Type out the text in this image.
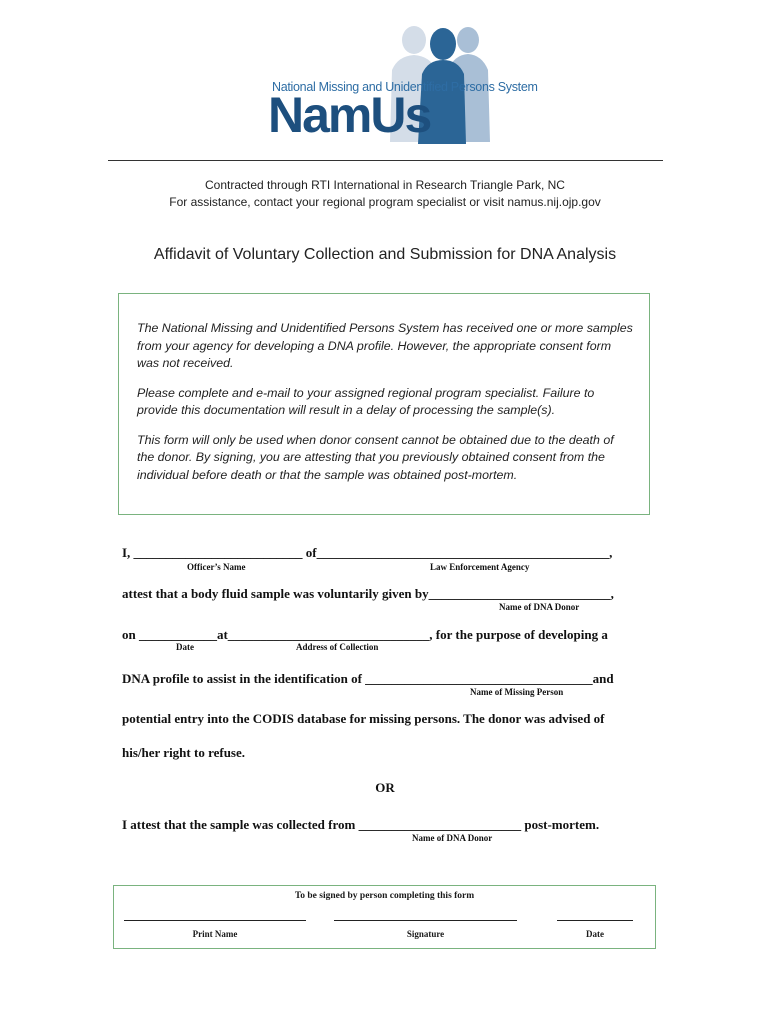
National Missing and Unidentified Persons System
NamUs
Contracted through RTI International in Research Triangle Park, NC
For assistance, contact your regional program specialist or visit namus.nij.ojp.gov
Affidavit of Voluntary Collection and Submission for DNA Analysis

The National Missing and Unidentified Persons System has received one or more samples from your agency for developing a DNA profile. However, the appropriate consent form was not received.

Please complete and e-mail to your assigned regional program specialist. Failure to provide this documentation will result in a delay of processing the sample(s).

This form will only be used when donor consent cannot be obtained due to the death of the donor. By signing, you are attesting that you previously obtained consent from the individual before death or that the sample was obtained post-mortem.

I, __________________________ of_____________________________________________,
Officer’s Name	Law Enforcement Agency
attest that a body fluid sample was voluntarily given by____________________________,
Name of DNA Donor
on ____________at_______________________________, for the purpose of developing a
Date	Address of Collection
DNA profile to assist in the identification of ___________________________________and
Name of Missing Person
potential entry into the CODIS database for missing persons. The donor was advised of
his/her right to refuse.
OR
I attest that the sample was collected from _________________________ post-mortem.
Name of DNA Donor
To be signed by person completing this form
Print Name	Signature	Date
